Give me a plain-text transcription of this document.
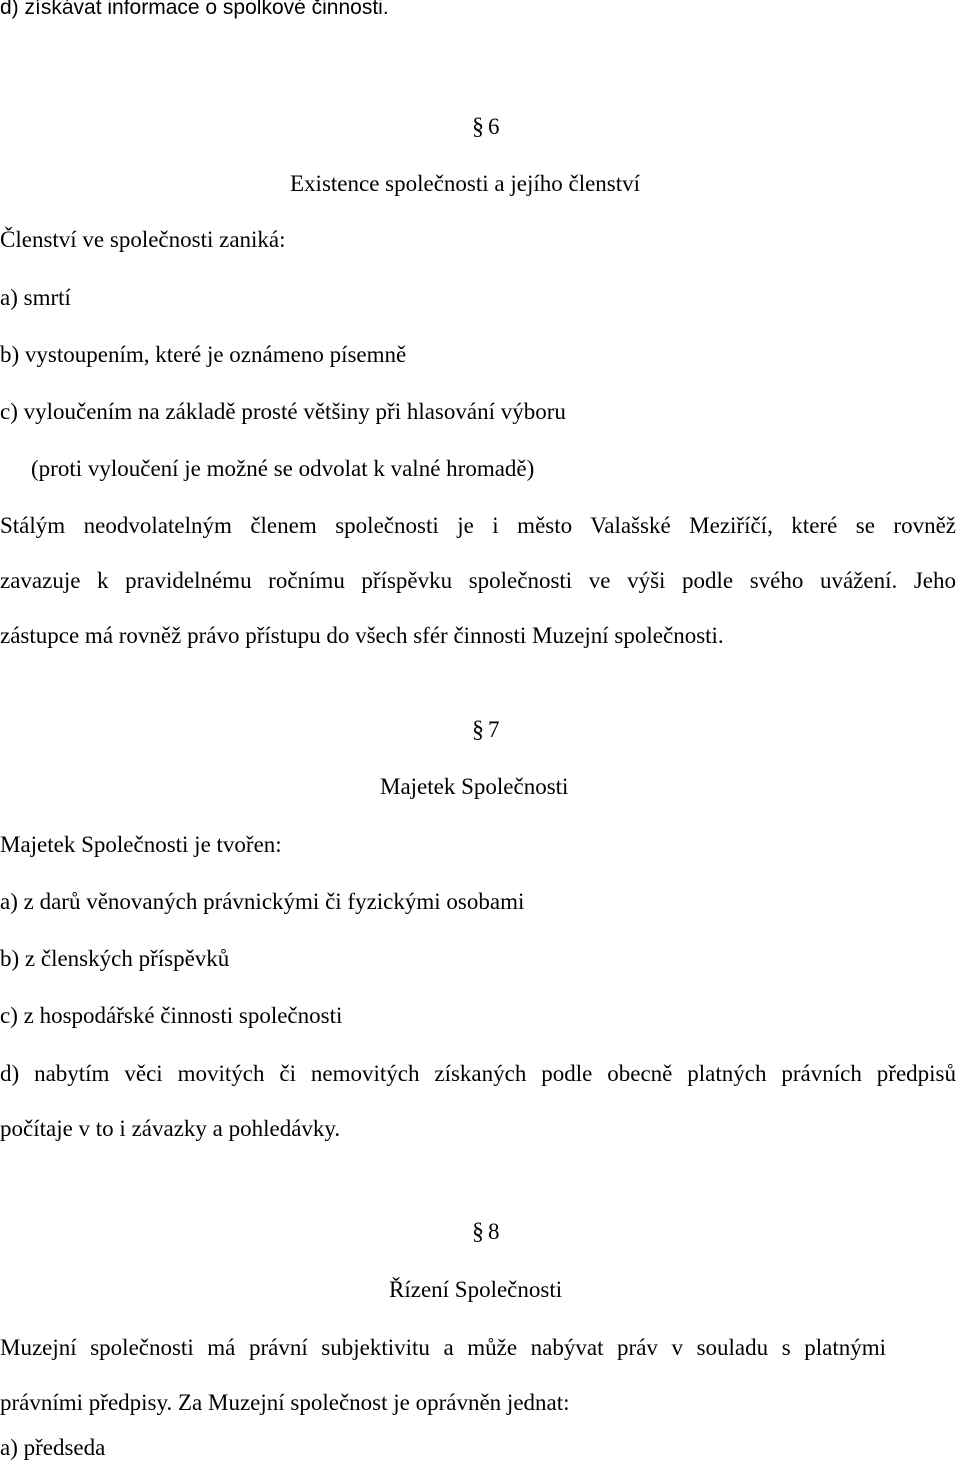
d) získávat informace o spolkové činnosti.
§ 6
Existence společnosti a jejího členství
Členství ve společnosti zaniká:
a) smrtí
b) vystoupením, které je oznámeno písemně
c) vyloučením na základě prosté většiny při hlasování výboru
(proti vyloučení je možné se odvolat k valné hromadě)
Stálým neodvolatelným členem společnosti je i město Valašské Meziříčí, které se rovněž
zavazuje k pravidelnému ročnímu příspěvku společnosti ve výši podle svého uvážení. Jeho
zástupce má rovněž právo přístupu do všech sfér činnosti Muzejní společnosti.
§ 7
Majetek Společnosti
Majetek Společnosti je tvořen:
a) z darů věnovaných právnickými či fyzickými osobami
b) z členských příspěvků
c) z hospodářské činnosti společnosti
d) nabytím věci movitých či nemovitých získaných podle obecně platných právních předpisů
počítaje v to i závazky a pohledávky.
§ 8
Řízení Společnosti
Muzejní společnosti má právní subjektivitu a může nabývat práv v souladu s platnými
právními předpisy. Za Muzejní společnost je oprávněn jednat:
a) předseda
